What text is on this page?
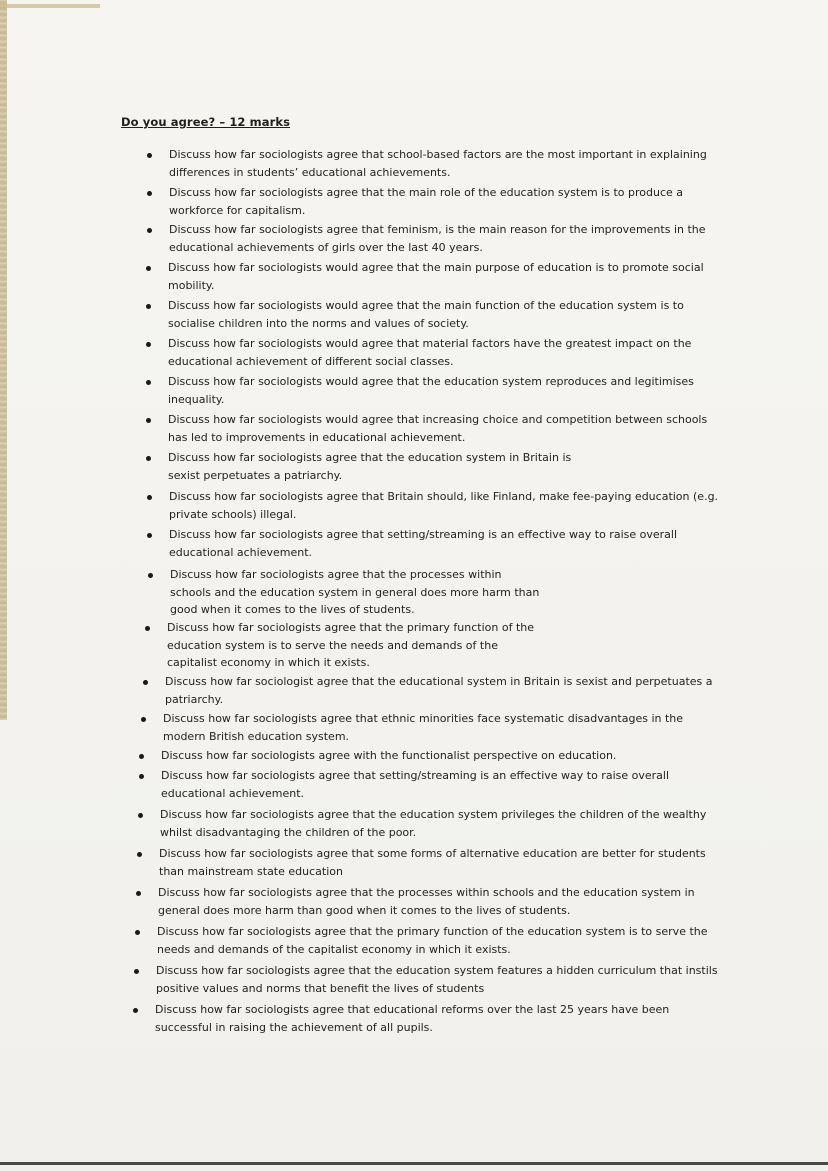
Do you agree? – 12 marks
Discuss how far sociologists agree that school-based factors are the most important in explaining differences in students’ educational achievements.
Discuss how far sociologists agree that the main role of the education system is to produce a workforce for capitalism.
Discuss how far sociologists agree that feminism, is the main reason for the improvements in the educational achievements of girls over the last 40 years.
Discuss how far sociologists would agree that the main purpose of education is to promote social mobility.
Discuss how far sociologists would agree that the main function of the education system is to socialise children into the norms and values of society.
Discuss how far sociologists would agree that material factors have the greatest impact on the educational achievement of different social classes.
Discuss how far sociologists would agree that the education system reproduces and legitimises inequality.
Discuss how far sociologists would agree that increasing choice and competition between schools has led to improvements in educational achievement.
Discuss how far sociologists agree that the education system in Britain is sexist perpetuates a patriarchy.
Discuss how far sociologists agree that Britain should, like Finland, make fee-paying education (e.g. private schools) illegal.
Discuss how far sociologists agree that setting/streaming is an effective way to raise overall educational achievement.
Discuss how far sociologists agree that the processes within schools and the education system in general does more harm than good when it comes to the lives of students.
Discuss how far sociologists agree that the primary function of the education system is to serve the needs and demands of the capitalist economy in which it exists.
Discuss how far sociologist agree that the educational system in Britain is sexist and perpetuates a patriarchy.
Discuss how far sociologists agree that ethnic minorities face systematic disadvantages in the modern British education system.
Discuss how far sociologists agree with the functionalist perspective on education.
Discuss how far sociologists agree that setting/streaming is an effective way to raise overall educational achievement.
Discuss how far sociologists agree that the education system privileges the children of the wealthy whilst disadvantaging the children of the poor.
Discuss how far sociologists agree that some forms of alternative education are better for students than mainstream state education
Discuss how far sociologists agree that the processes within schools and the education system in general does more harm than good when it comes to the lives of students.
Discuss how far sociologists agree that the primary function of the education system is to serve the needs and demands of the capitalist economy in which it exists.
Discuss how far sociologists agree that the education system features a hidden curriculum that instils positive values and norms that benefit the lives of students
Discuss how far sociologists agree that educational reforms over the last 25 years have been successful in raising the achievement of all pupils.
